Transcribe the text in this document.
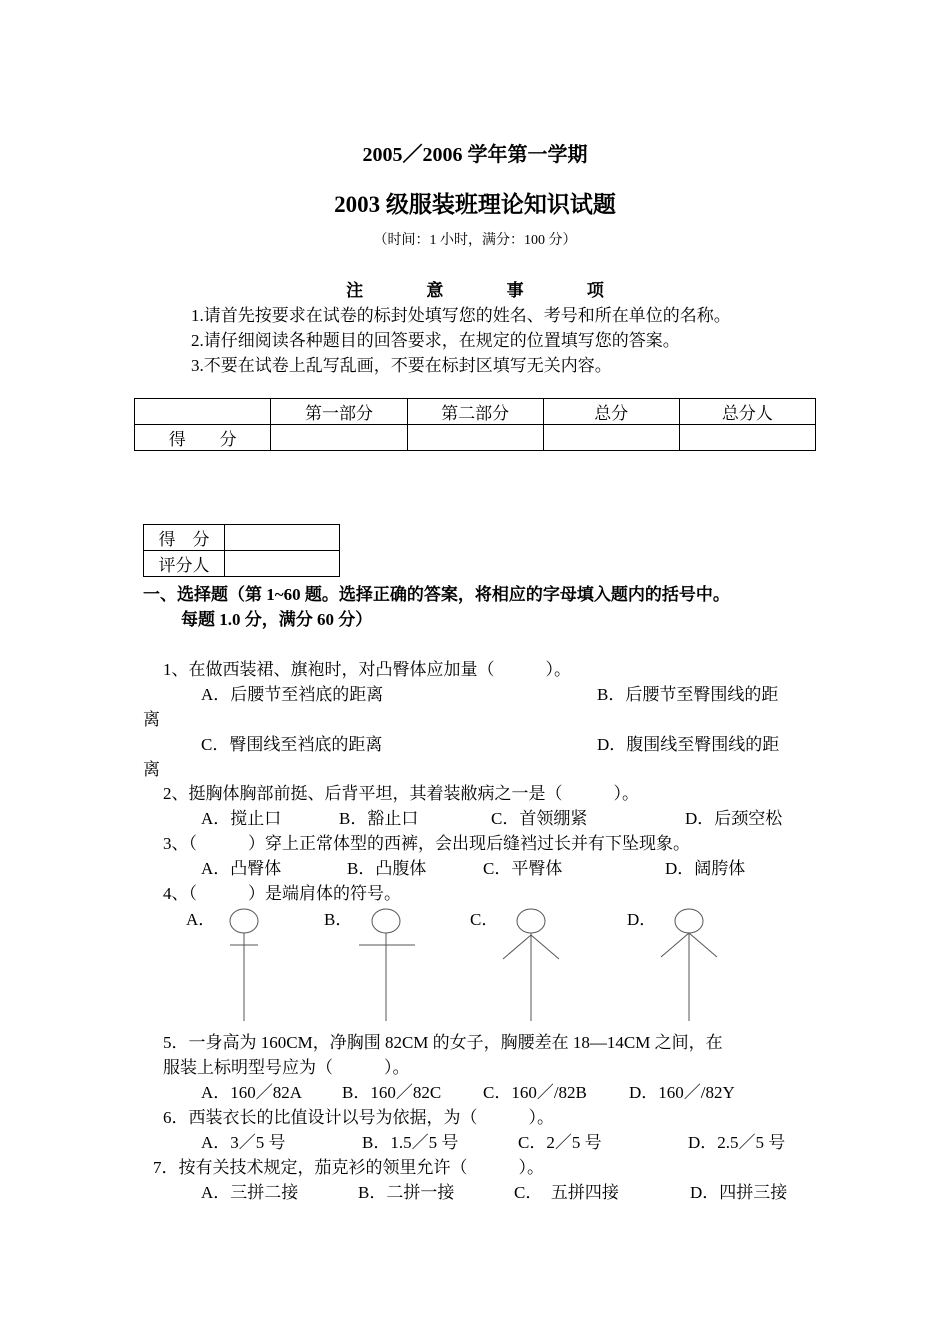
2005／2006 学年第一学期
2003 级服装班理论知识试题
（时间：1 小时，满分：100 分）
注	意	事	项
1.请首先按要求在试卷的标封处填写您的姓名、考号和所在单位的名称。
2.请仔细阅读各种题目的回答要求，在规定的位置填写您的答案。
3.不要在试卷上乱写乱画，不要在标封区填写无关内容。
	第一部分	第二部分	总分	总分人
得　　分				
得　分	
评分人	
一、选择题（第 1~60 题。选择正确的答案，将相应的字母填入题内的括号中。
每题 1.0 分，满分 60 分）
1、在做西装裙、旗袍时，对凸臀体应加量（　　　）。
A．后腰节至裆底的距离	B．后腰节至臀围线的距
离
C．臀围线至裆底的距离	D．腹围线至臀围线的距
离
2、挺胸体胸部前挺、后背平坦，其着装敝病之一是（　　　）。
A．搅止口	B．豁止口	C．首领绷紧	D．后颈空松
3、（　　　）穿上正常体型的西裤，会出现后缝裆过长并有下坠现象。
A．凸臀体	B．凸腹体	C．平臀体	D．阔胯体
4、（　　　）是端肩体的符号。
A．	B．	C．	D．
5．一身高为 160CM，净胸围 82CM 的女子，胸腰差在 18—14CM 之间，在
服装上标明型号应为（　　　）。
A．160／82A B．160／82C C．160／/82B D．160／/82Y
6．西装衣长的比值设计以号为依据，为（　　　）。
A．3／5 号	B．1.5／5 号	C．2／5 号	D．2.5／5 号
7．按有关技术规定，茄克衫的领里允许（　　　）。
A．三拼二接	B．二拼一接	C．　五拼四接	D．四拼三接
